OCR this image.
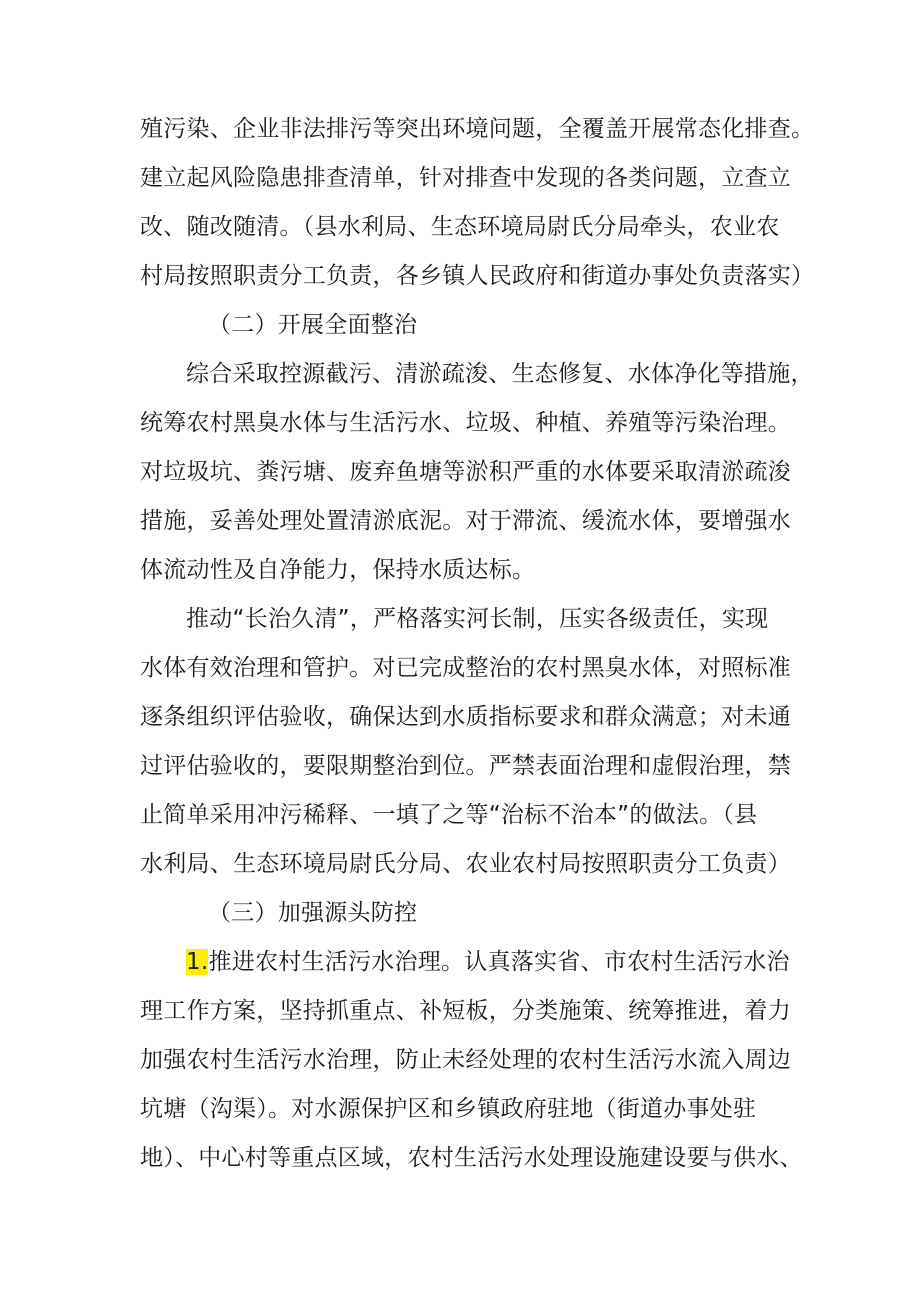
殖污染、企业非法排污等突出环境问题，全覆盖开展常态化排查。
建立起风险隐患排查清单，针对排查中发现的各类问题，立查立
改、随改随清。（县水利局、生态环境局尉氏分局牵头，农业农
村局按照职责分工负责，各乡镇人民政府和街道办事处负责落实）
（二）开展全面整治
综合采取控源截污、清淤疏浚、生态修复、水体净化等措施，
统筹农村黑臭水体与生活污水、垃圾、种植、养殖等污染治理。
对垃圾坑、粪污塘、废弃鱼塘等淤积严重的水体要采取清淤疏浚
措施，妥善处理处置清淤底泥。对于滞流、缓流水体，要增强水
体流动性及自净能力，保持水质达标。
推动“长治久清”，严格落实河长制，压实各级责任，实现
水体有效治理和管护。对已完成整治的农村黑臭水体，对照标准
逐条组织评估验收，确保达到水质指标要求和群众满意；对未通
过评估验收的，要限期整治到位。严禁表面治理和虚假治理，禁
止简单采用冲污稀释、一填了之等“治标不治本”的做法。（县
水利局、生态环境局尉氏分局、农业农村局按照职责分工负责）
（三）加强源头防控
1.推进农村生活污水治理。认真落实省、市农村生活污水治
理工作方案，坚持抓重点、补短板，分类施策、统筹推进，着力
加强农村生活污水治理，防止未经处理的农村生活污水流入周边
坑塘（沟渠）。对水源保护区和乡镇政府驻地（街道办事处驻
地）、中心村等重点区域，农村生活污水处理设施建设要与供水、
